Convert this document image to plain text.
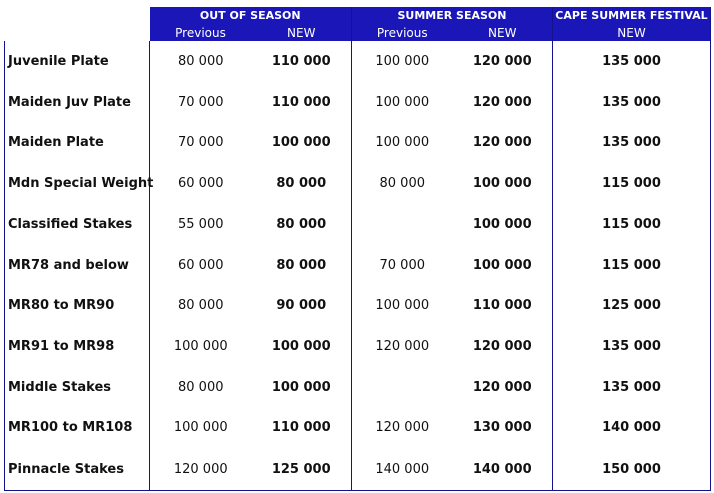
	OUT OF SEASON		SUMMER SEASON		CAPE SUMMER FESTIVAL
	Previous	NEW	Previous	NEW	NEW
Juvenile Plate	80 000	110 000	100 000	120 000	135 000
Maiden Juv Plate	70 000	110 000	100 000	120 000	135 000
Maiden Plate	70 000	100 000	100 000	120 000	135 000
Mdn Special Weight	60 000	80 000	80 000	100 000	115 000
Classified Stakes	55 000	80 000		100 000	115 000
MR78 and below	60 000	80 000	70 000	100 000	115 000
MR80 to MR90	80 000	90 000	100 000	110 000	125 000
MR91 to MR98	100 000	100 000	120 000	120 000	135 000
Middle Stakes	80 000	100 000		120 000	135 000
MR100 to MR108	100 000	110 000	120 000	130 000	140 000
Pinnacle Stakes	120 000	125 000	140 000	140 000	150 000
